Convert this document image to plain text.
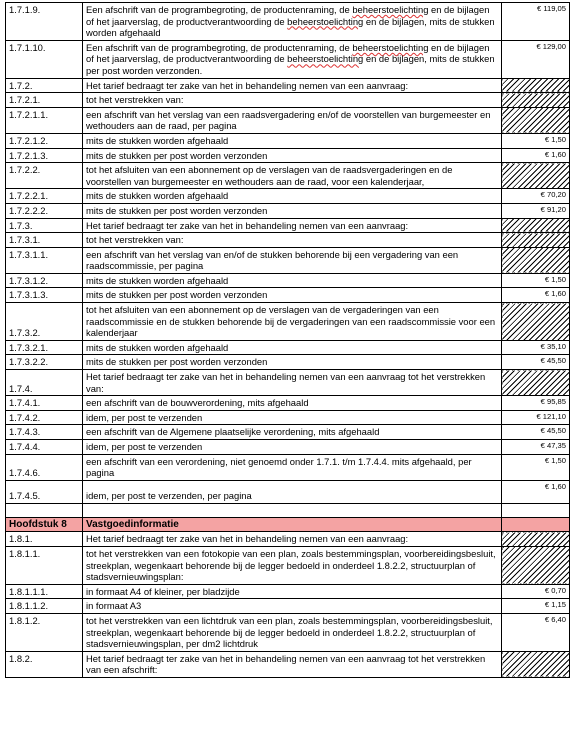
1.7.1.9.	Een afschrift van de programbegroting, de productenraming, de beheerstoelichting en de bijlagen of het jaarverslag, de productverantwoording de beheerstoelichting en de bijlagen, mits de stukken worden afgehaald	€ 119,05
1.7.1.10.	Een afschrift van de programbegroting, de productenraming, de beheerstoelichting en de bijlagen of het jaarverslag, de productverantwoording de beheerstoelichting en de bijlagen, mits de stukken per post worden verzonden.	€ 129,00
1.7.2.	Het tarief bedraagt ter zake van het in behandeling nemen van een aanvraag:	
1.7.2.1.	tot het verstrekken van:	
1.7.2.1.1.	een afschrift van het verslag van een raadsvergadering en/of de voorstellen van burgemeester en wethouders aan de raad, per pagina	
1.7.2.1.2.	mits de stukken worden afgehaald	€ 1,50
1.7.2.1.3.	mits de stukken per post worden verzonden	€ 1,60
1.7.2.2.	tot het afsluiten van een abonnement op de verslagen van de raadsvergaderingen en de voorstellen van burgemeester en wethouders aan de raad, voor een kalenderjaar,	
1.7.2.2.1.	mits de stukken worden afgehaald	€ 70,20
1.7.2.2.2.	mits de stukken per post worden verzonden	€ 91,20
1.7.3.	Het tarief bedraagt ter zake van het in behandeling nemen van een aanvraag:	
1.7.3.1.	tot het verstrekken van:	
1.7.3.1.1.	een afschrift van het verslag van en/of de stukken behorende bij een vergadering van een raadscommissie, per pagina	
1.7.3.1.2.	mits de stukken worden afgehaald	€ 1,50
1.7.3.1.3.	mits de stukken per post worden verzonden	€ 1,60
1.7.3.2.	tot het afsluiten van een abonnement op de verslagen van de vergaderingen van een raadscommissie en de stukken behorende bij de vergaderingen van een raadscommissie voor een kalenderjaar	
1.7.3.2.1.	mits de stukken worden afgehaald	€ 35,10
1.7.3.2.2.	mits de stukken per post worden verzonden	€ 45,50
1.7.4.	Het tarief bedraagt ter zake van het in behandeling nemen van een aanvraag tot het verstrekken van:	
1.7.4.1.	een afschrift van de bouwverordening, mits afgehaald	€ 95,85
1.7.4.2.	idem, per post te verzenden	€ 121,10
1.7.4.3.	een afschrift van de Algemene plaatselijke verordening, mits afgehaald	€ 45,50
1.7.4.4.	idem, per post te verzenden	€ 47,35
1.7.4.6.	een afschrift van een verordening, niet genoemd onder 1.7.1. t/m 1.7.4.4. mits afgehaald, per pagina	€ 1,50
1.7.4.5.	idem, per post te verzenden, per pagina	€ 1,60

Hoofdstuk 8	Vastgoedinformatie	
1.8.1.	Het tarief bedraagt ter zake van het in behandeling nemen van een aanvraag:	
1.8.1.1.	tot het verstrekken van een fotokopie van een plan, zoals bestemmingsplan, voorbereidingsbesluit, streekplan, wegenkaart behorende bij de legger bedoeld in onderdeel 1.8.2.2, structuurplan of stadsvernieuwingsplan:	
1.8.1.1.1.	in formaat A4 of kleiner, per bladzijde	€ 0,70
1.8.1.1.2.	in formaat A3	€ 1,15
1.8.1.2.	tot het verstrekken van een lichtdruk van een plan, zoals bestemmingsplan, voorbereidingsbesluit, streekplan, wegenkaart behorende bij de legger bedoeld in onderdeel 1.8.2.2, structuurplan of stadsvernieuwingsplan, per dm2 lichtdruk	€ 6,40
1.8.2.	Het tarief bedraagt ter zake van het in behandeling nemen van een aanvraag tot het verstrekken van een afschrift:	
